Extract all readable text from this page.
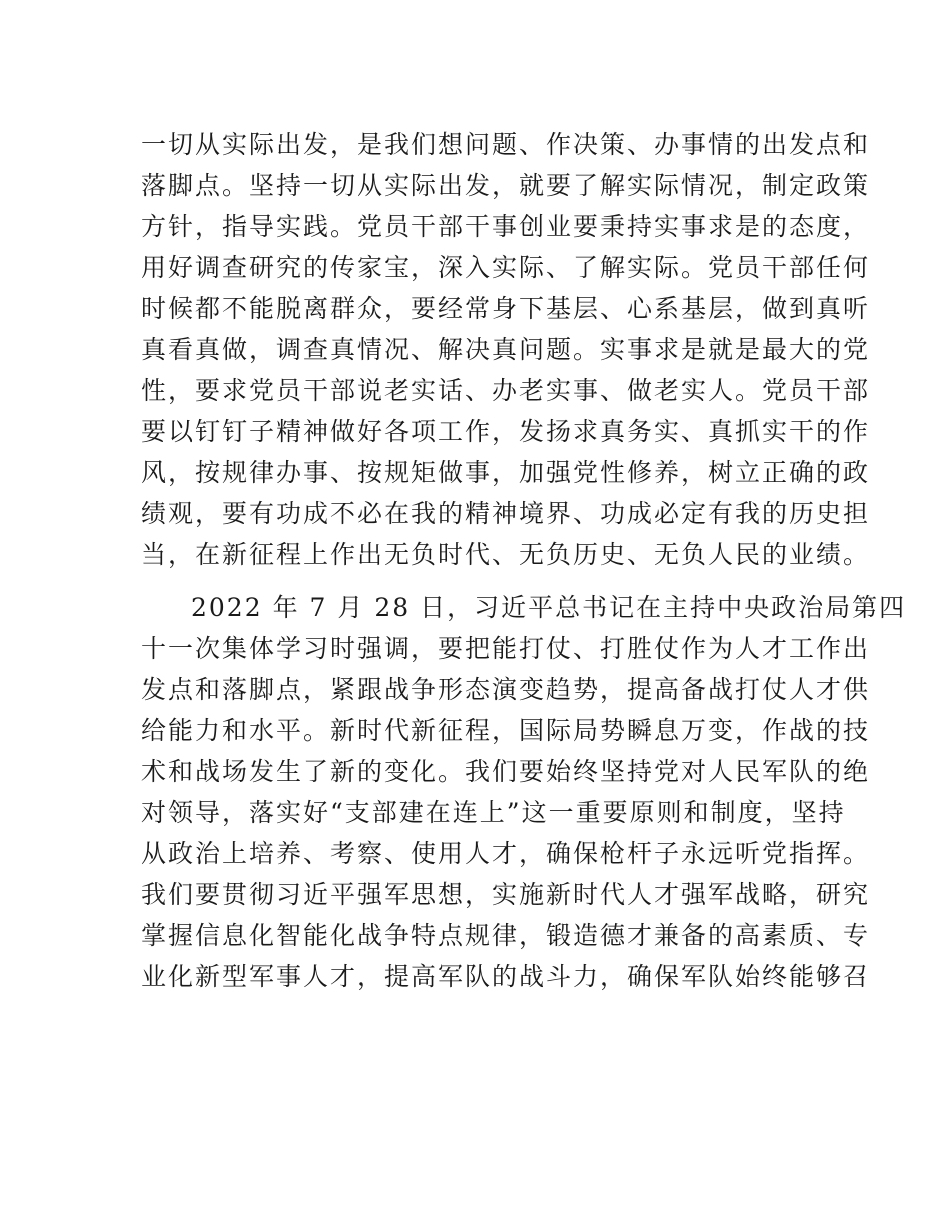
一切从实际出发，是我们想问题、作决策、办事情的出发点和
落脚点。坚持一切从实际出发，就要了解实际情况，制定政策
方针，指导实践。党员干部干事创业要秉持实事求是的态度，
用好调查研究的传家宝，深入实际、了解实际。党员干部任何
时候都不能脱离群众，要经常身下基层、心系基层，做到真听
真看真做，调查真情况、解决真问题。实事求是就是最大的党
性，要求党员干部说老实话、办老实事、做老实人。党员干部
要以钉钉子精神做好各项工作，发扬求真务实、真抓实干的作
风，按规律办事、按规矩做事，加强党性修养，树立正确的政
绩观，要有功成不必在我的精神境界、功成必定有我的历史担
当，在新征程上作出无负时代、无负历史、无负人民的业绩。
2022 年 7 月 28 日，习近平总书记在主持中央政治局第四
十一次集体学习时强调，要把能打仗、打胜仗作为人才工作出
发点和落脚点，紧跟战争形态演变趋势，提高备战打仗人才供
给能力和水平。新时代新征程，国际局势瞬息万变，作战的技
术和战场发生了新的变化。我们要始终坚持党对人民军队的绝
对领导，落实好“支部建在连上”这一重要原则和制度，坚持
从政治上培养、考察、使用人才，确保枪杆子永远听党指挥。
我们要贯彻习近平强军思想，实施新时代人才强军战略，研究
掌握信息化智能化战争特点规律，锻造德才兼备的高素质、专
业化新型军事人才，提高军队的战斗力，确保军队始终能够召
